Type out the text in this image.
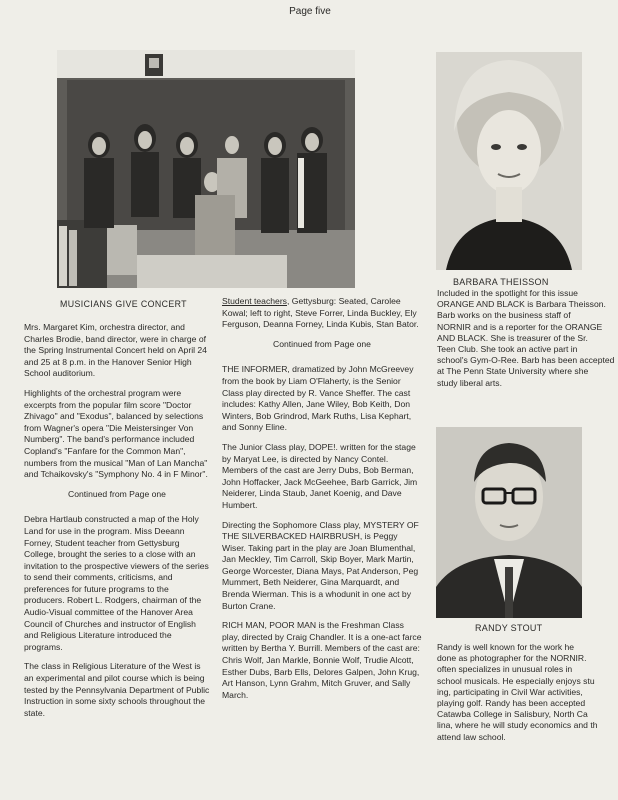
Page five
BARBARA THEISSON
RANDY STOUT
MUSICIANS GIVE CONCERT

Mrs. Margaret Kim, orchestra director, and Charles Brodie, band director, were in charge of the Spring Instrumental Concert held on April 24 and 25 at 8 p.m. in the Hanover Senior High School auditorium.

Highlights of the orchestral program were excerpts from the popular film score "Doctor Zhivago" and "Exodus", balanced by selections from Wagner's opera "Die Meistersinger Von Numberg". The band's performance included Copland's "Fanfare for the Common Man", numbers from the musical "Man of Lan Mancha" and Tchaikovsky's "Symphony No. 4 in F Minor".

Continued from Page one

Debra Hartlaub constructed a map of the Holy Land for use in the program. Miss Deeann Forney, Student teacher from Gettysburg College, brought the series to a close with an invitation to the prospective viewers of the series to send their comments, criticisms, and preferences for future programs to the producers. Robert L. Rodgers, chairman of the Audio-Visual committee of the Hanover Area Council of Churches and instructor of English and Religious Literature introduced the programs.

The class in Religious Literature of the West is an experimental and pilot course which is being tested by the Pennsylvania Department of Public Instruction in some sixty schools throughout the state.

Student teachers, Gettysburg: Seated, Carolee Kowal; left to right, Steve Forrer, Linda Buckley, Ely Ferguson, Deanna Forney, Linda Kubis, Stan Bator.

Continued from Page one

THE INFORMER, dramatized by John McGreevey from the book by Liam O'Flaherty, is the Senior Class play directed by R. Vance Sheffer. The cast includes: Kathy Allen, Jane Wiley, Bob Keith, Don Winters, Bob Grindrod, Mark Ruths, Lisa Kephart, and Sonny Eline.

The Junior Class play, DOPE!. written for the stage by Maryat Lee, is directed by Nancy Contel. Members of the cast are Jerry Dubs, Bob Berman, John Hoffacker, Jack McGeehee, Barb Garrick, Jim Neiderer, Linda Staub, Janet Koenig, and Dave Humbert.

Directing the Sophomore Class play, MYSTERY OF THE SILVERBACKED HAIRBRUSH, is Peggy Wiser. Taking part in the play are Joan Blumenthal, Jan Meckley, Tim Carroll, Skip Boyer, Mark Martin, George Worcester, Diana Mays, Pat Anderson, Peg Mummert, Beth Neiderer, Gina Marquardt, and Brenda Wierman. This is a whodunit in one act by Burton Crane.

RICH MAN, POOR MAN is the Freshman Class play, directed by Craig Chandler. It is a one-act farce written by Bertha Y. Burrill. Members of the cast are: Chris Wolf, Jan Markle, Bonnie Wolf, Trudie Alcott, Esther Dubs, Barb Ells, Delores Galpen, John Krug, Art Hanson, Lynn Grahm, Mitch Gruver, and Sally March.

Included in the spotlight for this issue
ORANGE AND BLACK is Barbara Theisson.
Barb works on the business staff of
NORNIR and is a reporter for the ORANGE
AND BLACK. She is treasurer of the Sr.
Teen Club. She took an active part in
school's Gym-O-Ree. Barb has been accepted
at The Penn State University where she
study liberal arts.
Randy is well known for the work he
done as photographer for the NORNIR.
often specializes in unusual roles in
school musicals. He especially enjoys stu
ing, participating in Civil War activities,
playing golf. Randy has been accepted
Catawba College in Salisbury, North Ca
lina, where he will study economics and th
attend law school.
